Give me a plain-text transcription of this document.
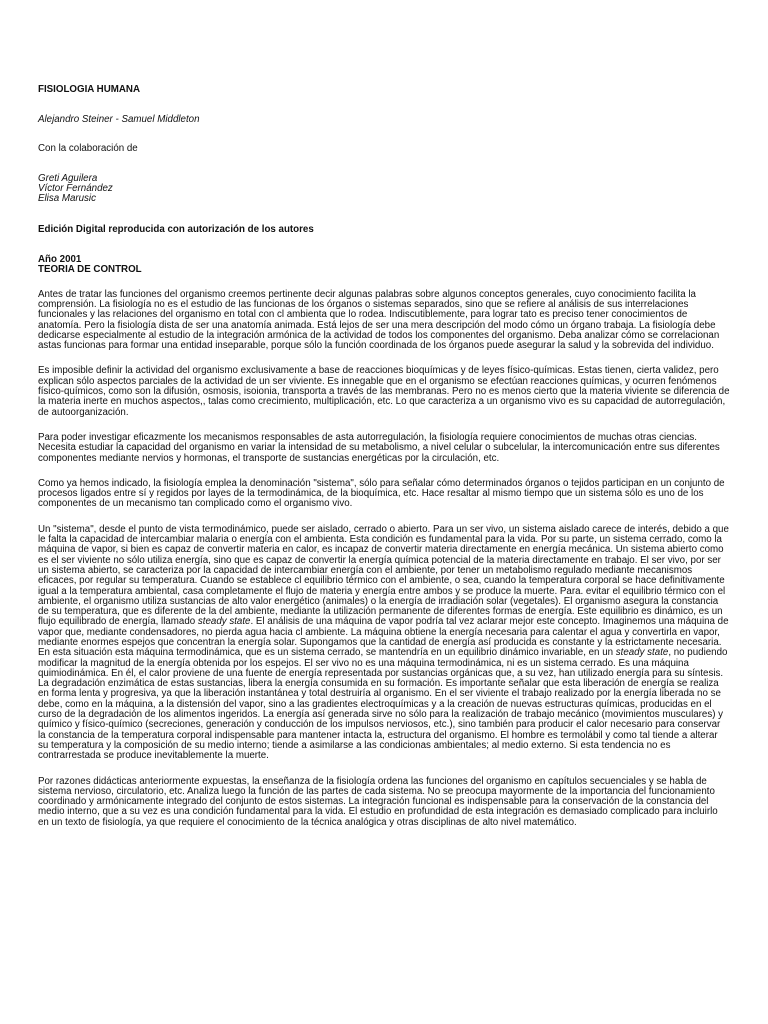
FISIOLOGIA HUMANA

Alejandro Steiner - Samuel Middleton

Con la colaboración de

Greti Aguilera

Víctor Fernández

Elisa Marusic

Edición Digital reproducida con autorización de los autores

Año 2001

TEORIA DE CONTROL

Antes de tratar las funciones del organismo creemos pertinente decir algunas palabras sobre algunos conceptos generales, cuyo conocimiento facilita la comprensión. La fisiología no es el estudio de las funcionas de los órganos o sistemas separados, sino que se refiere al análisis de sus interrelaciones funcionales y las relaciones del organismo en total con cl ambienta que lo rodea. Indiscutiblemente, para lograr tato es preciso tener conocimientos de anatomía. Pero la fisiología dista de ser una anatomía animada. Está lejos de ser una mera descripción del modo cómo un órgano trabaja. La fisiología debe dedicarse especialmente al estudio de la integración armónica de la actividad de todos los componentes del organismo. Deba analizar cómo se correlacionan astas funcionas para formar una entidad inseparable, porque sólo la función coordinada de los órganos puede asegurar la salud y la sobrevida del individuo.

Es imposible definir la actividad del organismo exclusivamente a base de reacciones bioquímicas y de leyes físico-químicas. Estas tienen, cierta validez, pero explican sólo aspectos parciales de la actividad de un ser viviente. Es innegable que en el organismo se efectúan reacciones químicas, y ocurren fenómenos físico-químicos, como son la difusión, osmosis, isoionia, transporta a través de las membranas. Pero no es menos cierto que la materia viviente se diferencia de la materia inerte en muchos aspectos,, talas como crecimiento, multiplicación, etc. Lo que caracteriza a un organismo vivo es su capacidad de autorregulación, de autoorganización.

Para poder investigar eficazmente los mecanismos responsables de asta autorregulación, la fisiología requiere conocimientos de muchas otras ciencias. Necesita estudiar la capacidad del organismo en variar la intensidad de su metabolismo, a nivel celular o subcelular, la intercomunicación entre sus diferentes componentes mediante nervios y hormonas, el transporte de sustancias energéticas por la circulación, etc.

Como ya hemos indicado, la fisiología emplea la denominación "sistema", sólo para señalar cómo determinados órganos o tejidos participan en un conjunto de procesos ligados entre sí y regidos por layes de la termodinámica, de la bioquímica, etc. Hace resaltar al mismo tiempo que un sistema sólo es uno de los componentes de un mecanismo tan complicado como el organismo vivo.

Un "sistema", desde el punto de vista termodinámico, puede ser aislado, cerrado o abierto. Para un ser vivo, un sistema aislado carece de interés, debido a que le falta la capacidad de intercambiar malaria o energía con el ambienta. Esta condición es fundamental para la vida. Por su parte, un sistema cerrado, como la máquina de vapor, si bien es capaz de convertir materia en calor, es incapaz de convertir materia directamente en energía mecánica. Un sistema abierto como es el ser viviente no sólo utiliza energía, sino que es capaz de convertir la energía química potencial de la materia directamente en trabajo. El ser vivo, por ser un sistema abierto, se caracteriza por la capacidad de intercambiar energía con el ambiente, por tener un metabolismo regulado mediante mecanismos eficaces, por regular su temperatura. Cuando se establece cl equilibrio térmico con el ambiente, o sea, cuando la temperatura corporal se hace definitivamente igual a la temperatura ambiental, casa completamente el flujo de materia y energía entre ambos y se produce la muerte. Para. evitar el equilibrio térmico con el ambiente, el organismo utiliza sustancias de alto valor energético (animales) o la energía de irradiación solar (vegetales). El organismo asegura la constancia de su temperatura, que es diferente de la del ambiente, mediante la utilización permanente de diferentes formas de energía. Este equilibrio es dinámico, es un flujo equilibrado de energía, llamado steady state. El análisis de una máquina de vapor podría tal vez aclarar mejor este concepto. Imaginemos una máquina de vapor que, mediante condensadores, no pierda agua hacia cl ambiente. La máquina obtiene la energía necesaria para calentar el agua y convertirla en vapor, mediante enormes espejos que concentran la energía solar. Supongamos que la cantidad de energía así producida es constante y la estrictamente necesaria. En esta situación esta máquina termodinámica, que es un sistema cerrado, se mantendría en un equilibrio dinámico invariable, en un steady state, no pudiendo modificar la magnitud de la energía obtenida por los espejos. El ser vivo no es una máquina termodinámica, ni es un sistema cerrado. Es una máquina quimiodinámica. En él, el calor proviene de una fuente de energía representada por sustancias orgánicas que, a su vez, han utilizado energía para su síntesis. La degradación enzimática de estas sustancias, libera la energía consumida en su formación. Es importante señalar que esta liberación de energía se realiza en forma lenta y progresiva, ya que la liberación instantánea y total destruiría al organismo. En el ser viviente el trabajo realizado por la energía liberada no se debe, como en la máquina, a la distensión del vapor, sino a las gradientes electroquímicas y a la creación de nuevas estructuras químicas, producidas en el curso de la degradación de los alimentos ingeridos. La energía así generada sirve no sólo para la realización de trabajo mecánico (movimientos musculares) y químico y físico-químico (secreciones, generación y conducción de los impulsos nerviosos, etc.), sino también para producir el calor necesario para conservar la constancia de la temperatura corporal indispensable para mantener intacta la, estructura del organismo. El hombre es termolábil y como tal tiende a alterar su temperatura y la composición de su medio interno; tiende a asimilarse a las condicionas ambientales; al medio externo. Si esta tendencia no es contrarrestada se produce inevitablemente la muerte.

Por razones didácticas anteriormente expuestas, la enseñanza de la fisiología ordena las funciones del organismo en capítulos secuenciales y se habla de sistema nervioso, circulatorio, etc. Analiza luego la función de las partes de cada sistema. No se preocupa mayormente de la importancia del funcionamiento coordinado y armónicamente integrado del conjunto de estos sistemas. La integración funcional es indispensable para la conservación de la constancia del medio interno, que a su vez es una condición fundamental para la vida. El estudio en profundidad de esta integración es demasiado complicado para incluirlo en un texto de fisiología, ya que requiere el conocimiento de la técnica analógica y otras disciplinas de alto nivel matemático.
